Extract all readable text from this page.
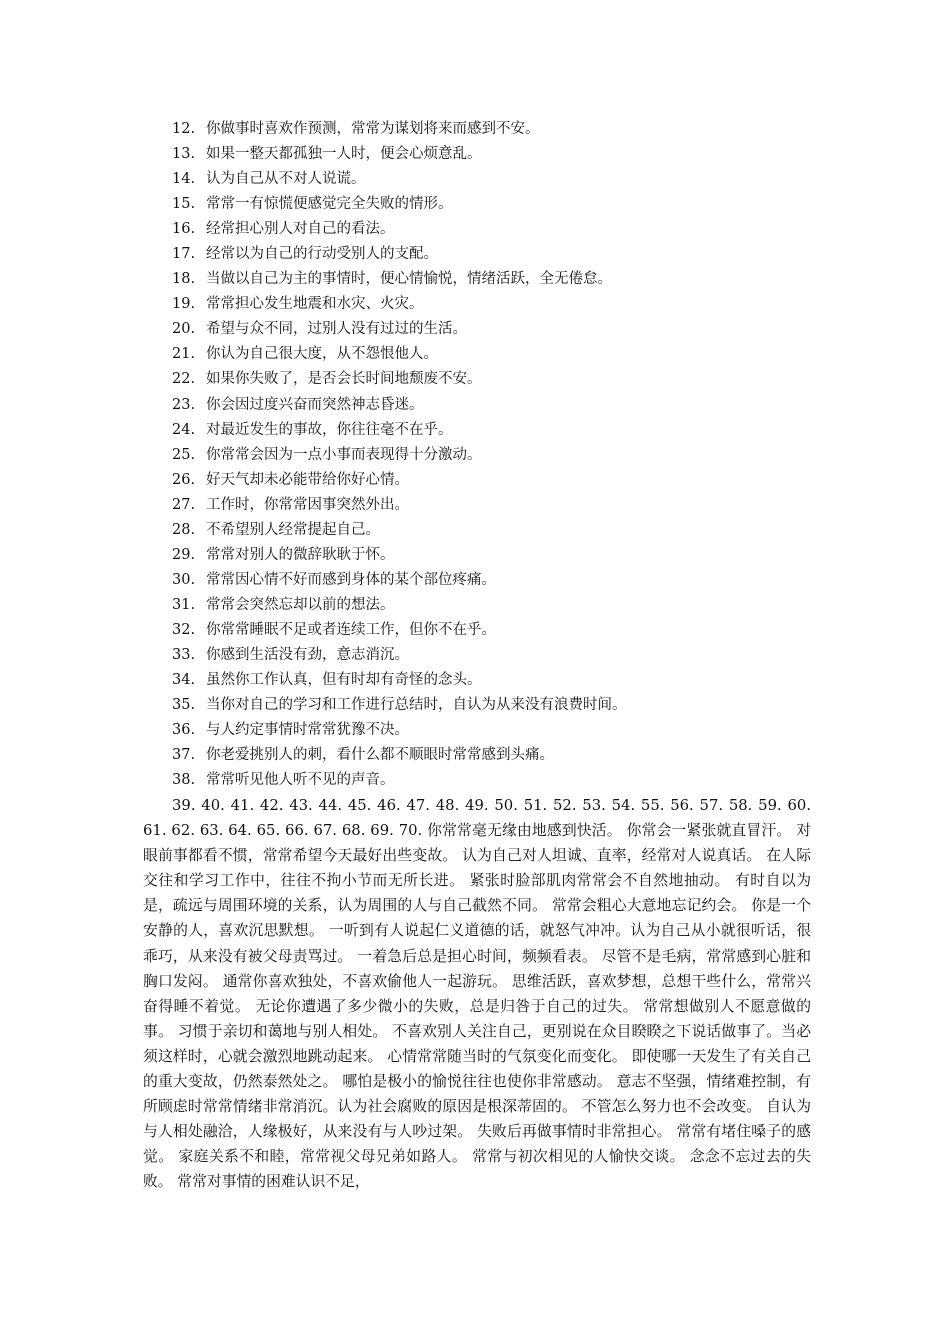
12. 你做事时喜欢作预测，常常为谋划将来而感到不安。
13. 如果一整天都孤独一人时，便会心烦意乱。
14. 认为自己从不对人说谎。
15. 常常一有惊慌便感觉完全失败的情形。
16. 经常担心别人对自己的看法。
17. 经常以为自己的行动受别人的支配。
18. 当做以自己为主的事情时，便心情愉悦，情绪活跃，全无倦怠。
19. 常常担心发生地震和水灾、火灾。
20. 希望与众不同，过别人没有过过的生活。
21. 你认为自己很大度，从不怨恨他人。
22. 如果你失败了，是否会长时间地颓废不安。
23. 你会因过度兴奋而突然神志昏迷。
24. 对最近发生的事故，你往往毫不在乎。
25. 你常常会因为一点小事而表现得十分激动。
26. 好天气却未必能带给你好心情。
27. 工作时，你常常因事突然外出。
28. 不希望别人经常提起自己。
29. 常常对别人的微辞耿耿于怀。
30. 常常因心情不好而感到身体的某个部位疼痛。
31. 常常会突然忘却以前的想法。
32. 你常常睡眠不足或者连续工作，但你不在乎。
33. 你感到生活没有劲，意志消沉。
34. 虽然你工作认真，但有时却有奇怪的念头。
35. 当你对自己的学习和工作进行总结时，自认为从来没有浪费时间。
36. 与人约定事情时常常犹豫不决。
37. 你老爱挑别人的刺，看什么都不顺眼时常常感到头痛。
38. 常常听见他人听不见的声音。

39. 40. 41. 42. 43. 44. 45. 46. 47. 48. 49. 50. 51. 52. 53. 54. 55. 56. 57. 58. 59. 60. 61. 62. 63. 64. 65. 66. 67. 68. 69. 70. 你常常毫无缘由地感到快活。 你常会一紧张就直冒汗。 对眼前事都看不惯，常常希望今天最好出些变故。 认为自己对人坦诚、直率，经常对人说真话。 在人际交往和学习工作中，往往不拘小节而无所长进。 紧张时脸部肌肉常常会不自然地抽动。 有时自以为是，疏远与周围环境的关系，认为周围的人与自己截然不同。 常常会粗心大意地忘记约会。 你是一个安静的人，喜欢沉思默想。 一听到有人说起仁义道德的话，就怒气冲冲。认为自己从小就很听话，很乖巧，从来没有被父母责骂过。 一着急后总是担心时间，频频看表。 尽管不是毛病，常常感到心脏和胸口发闷。 通常你喜欢独处，不喜欢偷他人一起游玩。 思维活跃，喜欢梦想，总想干些什么，常常兴奋得睡不着觉。 无论你遭遇了多少微小的失败，总是归咎于自己的过失。 常常想做别人不愿意做的事。 习惯于亲切和蔼地与别人相处。 不喜欢别人关注自己，更别说在众目睽睽之下说话做事了。当必须这样时，心就会激烈地跳动起来。 心情常常随当时的气氛变化而变化。 即使哪一天发生了有关自己的重大变故，仍然泰然处之。 哪怕是极小的愉悦往往也使你非常感动。 意志不坚强，情绪难控制，有所顾虑时常常情绪非常消沉。认为社会腐败的原因是根深蒂固的。 不管怎么努力也不会改变。 自认为与人相处融洽，人缘极好，从来没有与人吵过架。 失败后再做事情时非常担心。 常常有堵住嗓子的感觉。 家庭关系不和睦，常常视父母兄弟如路人。 常常与初次相见的人愉快交谈。 念念不忘过去的失败。 常常对事情的困难认识不足，
